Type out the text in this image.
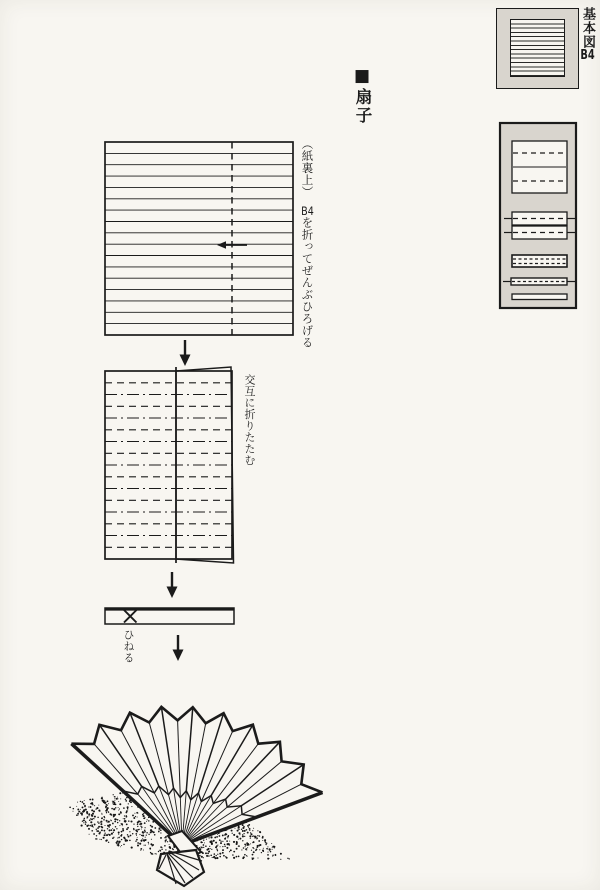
基本図B4
■扇子
（紙裏上）B4を折ってぜんぶひろげる
交互に折りたたむ
ひねる
